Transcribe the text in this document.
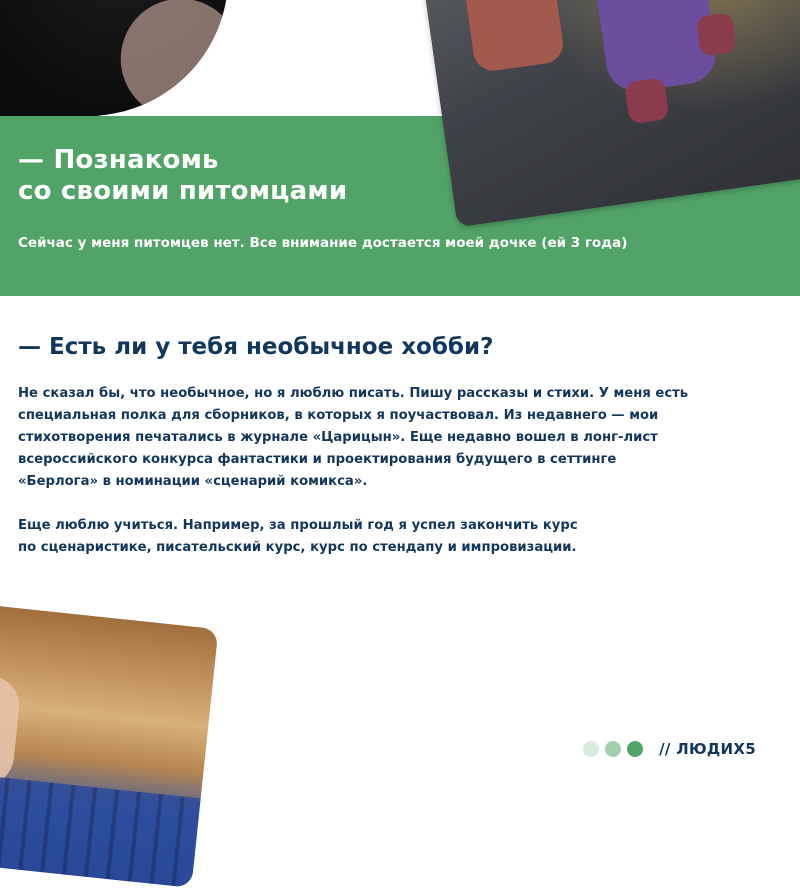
— Познакомь
со своими питомцами

Сейчас у меня питомцев нет. Все внимание достается моей дочке (ей 3 года)

— Есть ли у тебя необычное хобби?

Не сказал бы, что необычное, но я люблю писать. Пишу рассказы и стихи. У меня есть
специальная полка для сборников, в которых я поучаствовал. Из недавнего — мои
стихотворения печатались в журнале «Царицын». Еще недавно вошел в лонг-лист
всероссийского конкурса фантастики и проектирования будущего в сеттинге
«Берлога» в номинации «сценарий комикса».

Еще люблю учиться. Например, за прошлый год я успел закончить курс
по сценаристике, писательский курс, курс по стендапу и импровизации.

// ЛЮДИХ5
